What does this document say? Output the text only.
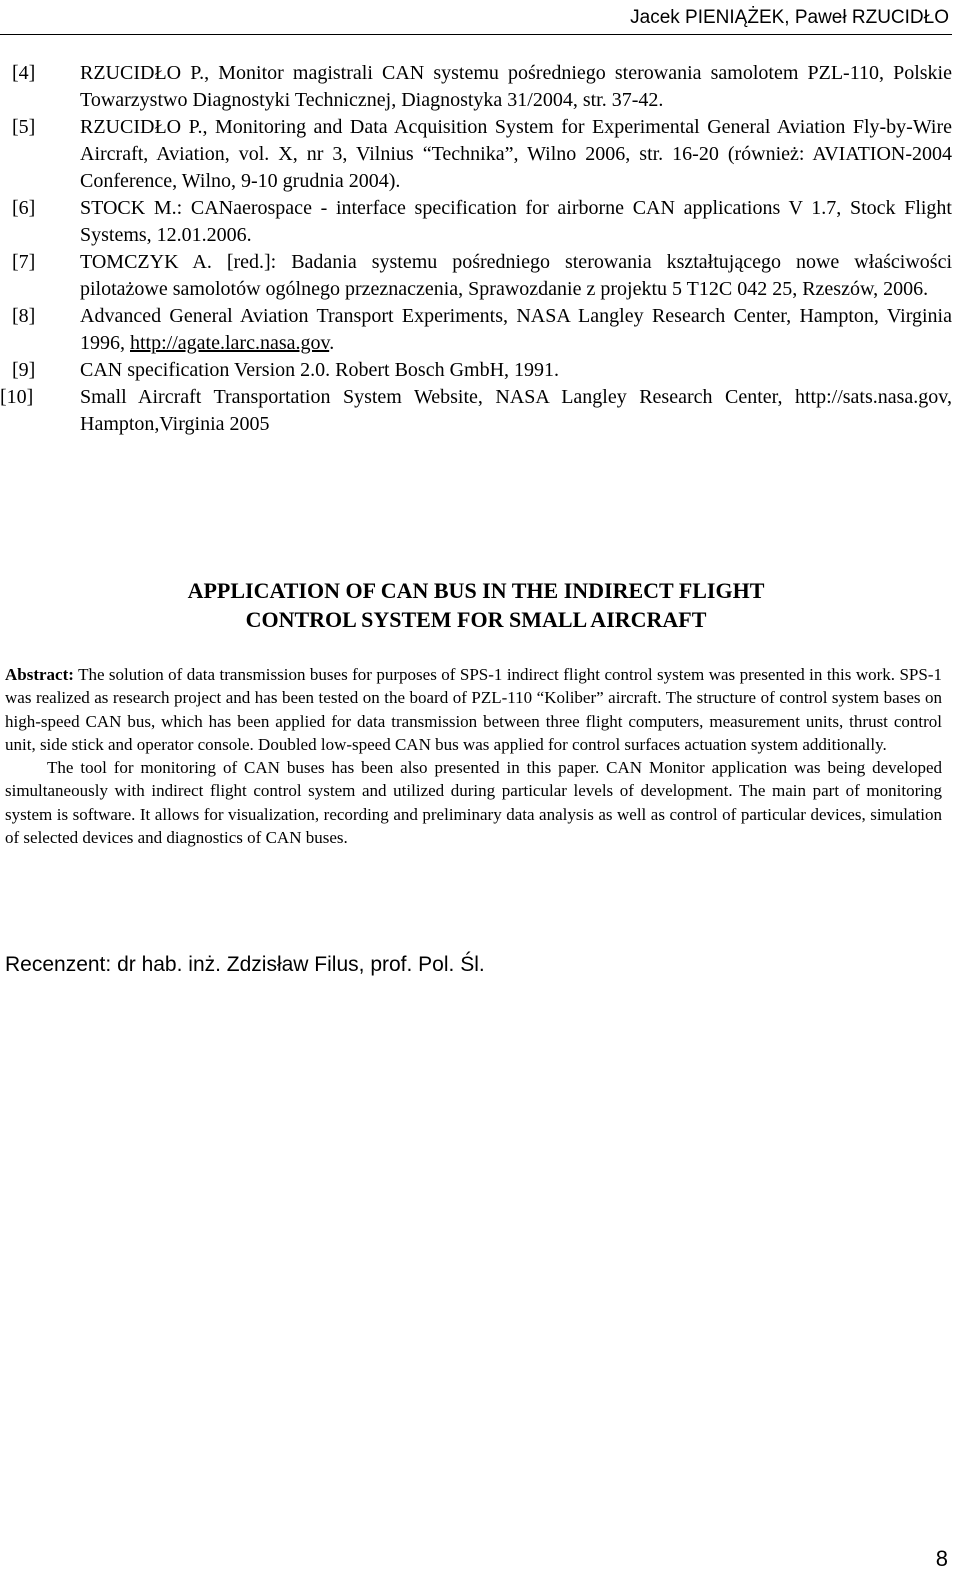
Jacek PIENIĄŻEK, Paweł RZUCIDŁO
[4]	RZUCIDŁO P., Monitor magistrali CAN systemu pośredniego sterowania samolotem PZL-110, Polskie Towarzystwo Diagnostyki Technicznej, Diagnostyka 31/2004, str. 37-42.
[5]	RZUCIDŁO P., Monitoring and Data Acquisition System for Experimental General Aviation Fly-by-Wire Aircraft, Aviation, vol. X, nr 3, Vilnius “Technika”, Wilno 2006, str. 16-20 (również: AVIATION-2004 Conference, Wilno, 9-10 grudnia 2004).
[6]	STOCK M.: CANaerospace - interface specification for airborne CAN applications V 1.7, Stock Flight Systems, 12.01.2006.
[7]	TOMCZYK A. [red.]: Badania systemu pośredniego sterowania kształtującego nowe właściwości pilotażowe samolotów ogólnego przeznaczenia, Sprawozdanie z projektu 5 T12C 042 25, Rzeszów, 2006.
[8]	Advanced General Aviation Transport Experiments, NASA Langley Research Center, Hampton, Virginia 1996, http://agate.larc.nasa.gov.
[9]	CAN specification Version 2.0. Robert Bosch GmbH, 1991.
[10]	Small Aircraft Transportation System Website, NASA Langley Research Center, http://sats.nasa.gov, Hampton,Virginia 2005
APPLICATION OF CAN BUS IN THE INDIRECT FLIGHT
CONTROL SYSTEM FOR SMALL AIRCRAFT

Abstract: The solution of data transmission buses for purposes of SPS-1 indirect flight control system was presented in this work. SPS-1 was realized as research project and has been tested on the board of PZL-110 “Koliber” aircraft. The structure of control system bases on high-speed CAN bus, which has been applied for data transmission between three flight computers, measurement units, thrust control unit, side stick and operator console. Doubled low-speed CAN bus was applied for control surfaces actuation system additionally.

The tool for monitoring of CAN buses has been also presented in this paper. CAN Monitor application was being developed simultaneously with indirect flight control system and utilized during particular levels of development. The main part of monitoring system is software. It allows for visualization, recording and preliminary data analysis as well as control of particular devices, simulation of selected devices and diagnostics of CAN buses.

Recenzent: dr hab. inż. Zdzisław Filus, prof. Pol. Śl.
8
